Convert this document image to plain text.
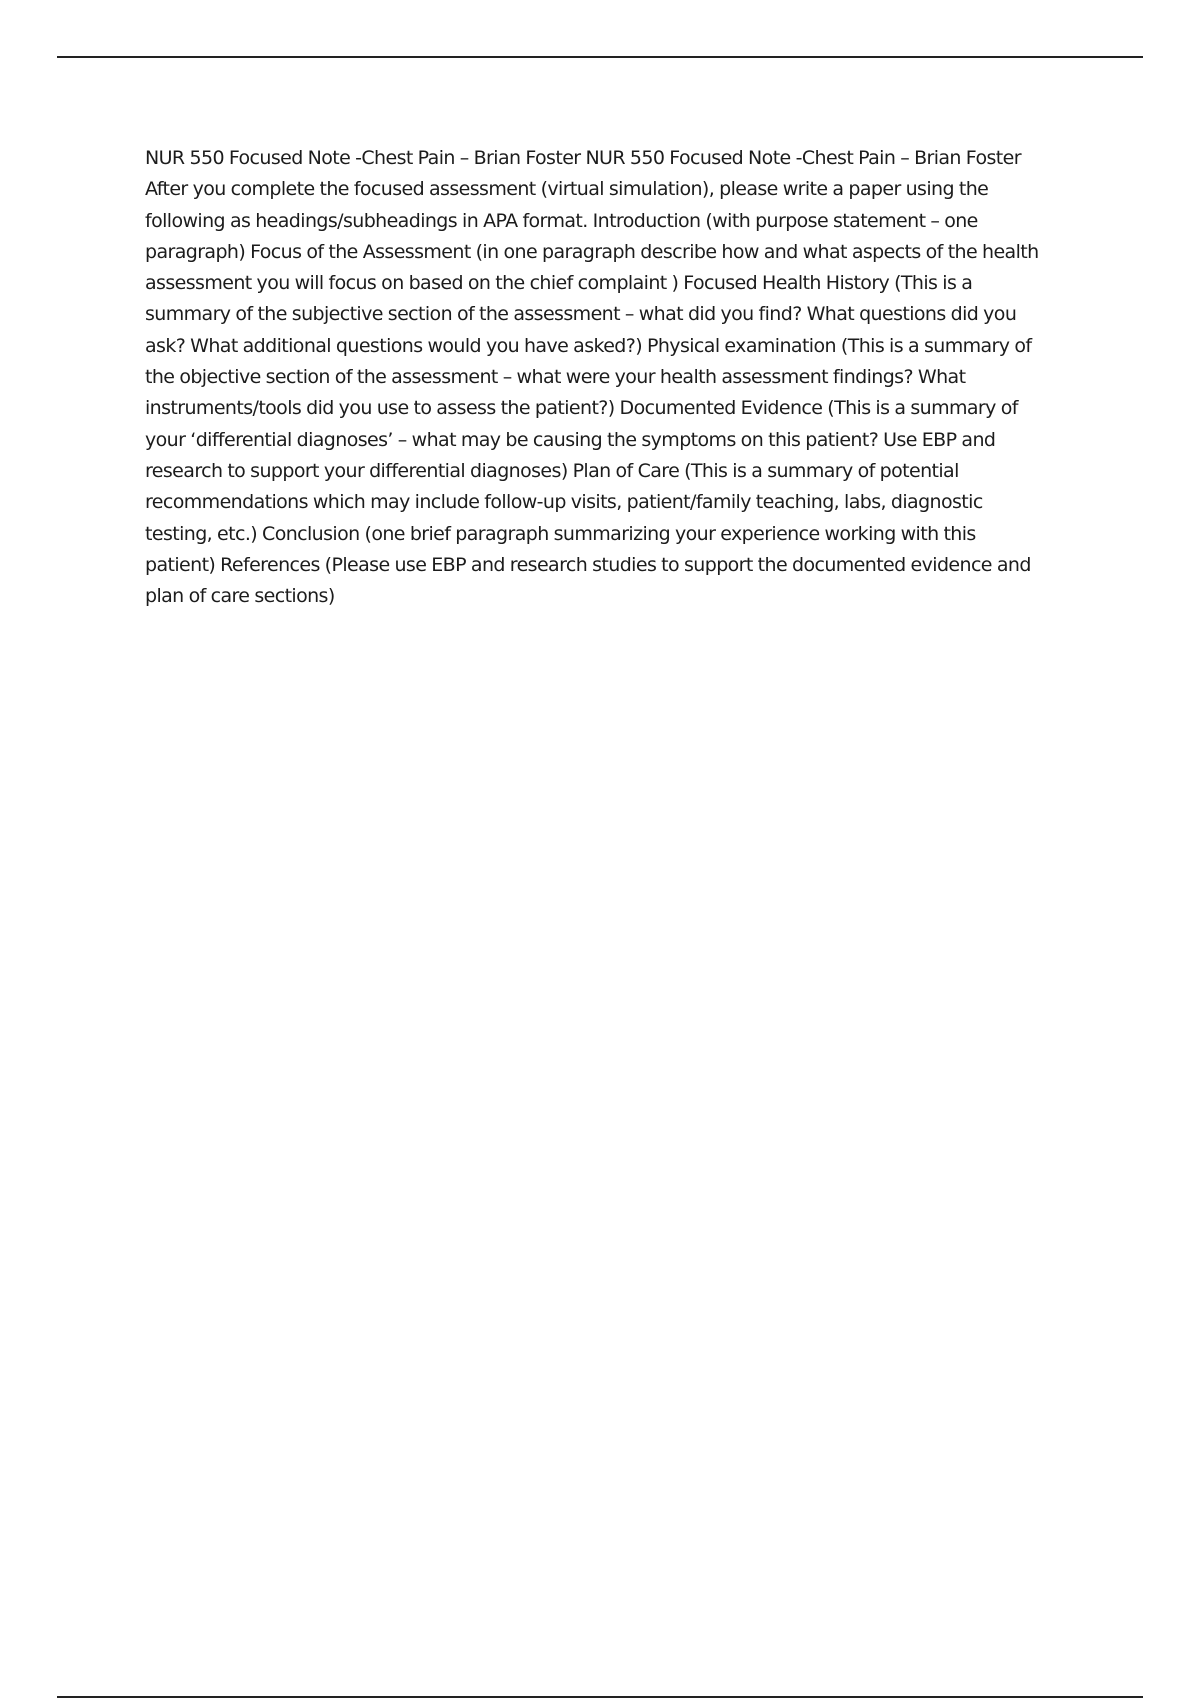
NUR 550 Focused Note -Chest Pain – Brian Foster NUR 550 Focused Note -Chest Pain – Brian Foster After you complete the focused assessment (virtual simulation), please write a paper using the following as headings/subheadings in APA format. Introduction (with purpose statement – one paragraph) Focus of the Assessment (in one paragraph describe how and what aspects of the health assessment you will focus on based on the chief complaint ) Focused Health History (This is a summary of the subjective section of the assessment – what did you find? What questions did you ask? What additional questions would you have asked?) Physical examination (This is a summary of the objective section of the assessment – what were your health assessment findings? What instruments/tools did you use to assess the patient?) Documented Evidence (This is a summary of your ‘differential diagnoses’ – what may be causing the symptoms on this patient? Use EBP and research to support your differential diagnoses) Plan of Care (This is a summary of potential recommendations which may include follow-up visits, patient/family teaching, labs, diagnostic testing, etc.) Conclusion (one brief paragraph summarizing your experience working with this patient) References (Please use EBP and research studies to support the documented evidence and plan of care sections)
